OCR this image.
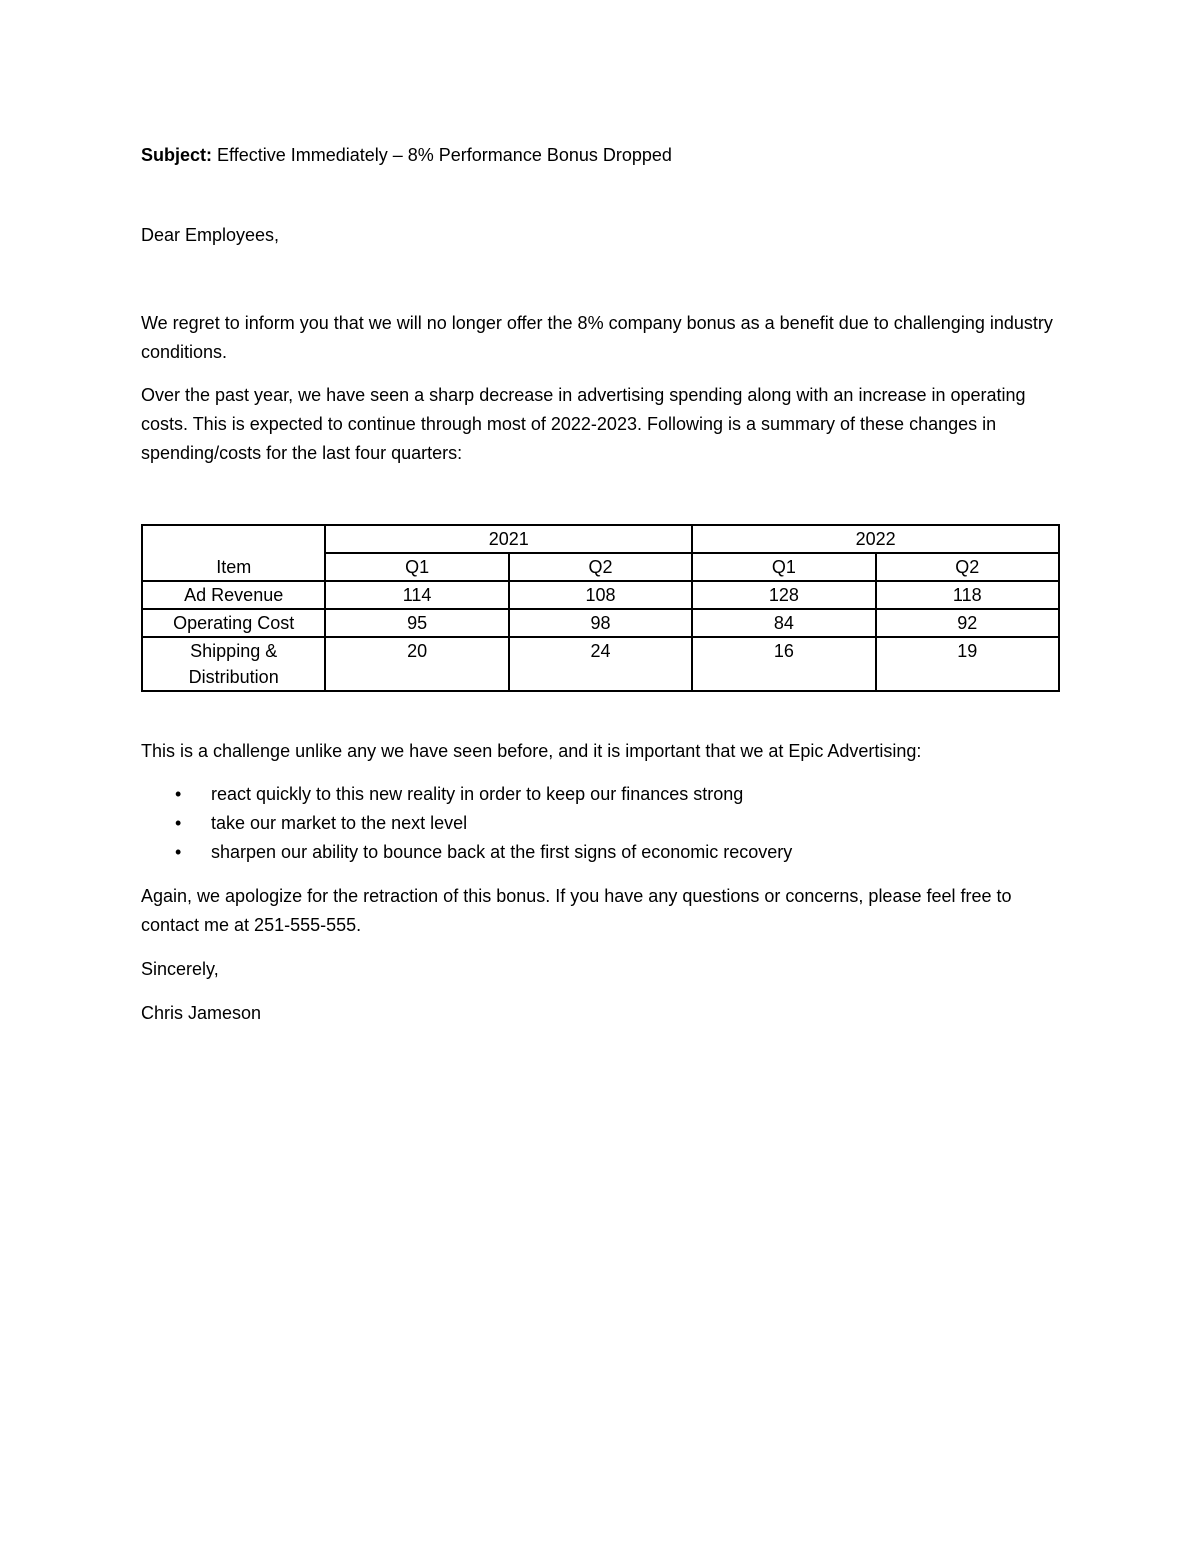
Subject: Effective Immediately – 8% Performance Bonus Dropped

Dear Employees,

We regret to inform you that we will no longer offer the 8% company bonus as a benefit due to challenging industry conditions.

Over the past year, we have seen a sharp decrease in advertising spending along with an increase in operating costs. This is expected to continue through most of 2022-2023. Following is a summary of these changes in spending/costs for the last four quarters:

Item	2021		2022	
	Q1	Q2	Q1	Q2
Ad Revenue	114	108	128	118
Operating Cost	95	98	84	92
Shipping & Distribution	20	24	16	19

This is a challenge unlike any we have seen before, and it is important that we at Epic Advertising:

• react quickly to this new reality in order to keep our finances strong
• take our market to the next level
• sharpen our ability to bounce back at the first signs of economic recovery

Again, we apologize for the retraction of this bonus. If you have any questions or concerns, please feel free to contact me at 251-555-555.

Sincerely,

Chris Jameson
